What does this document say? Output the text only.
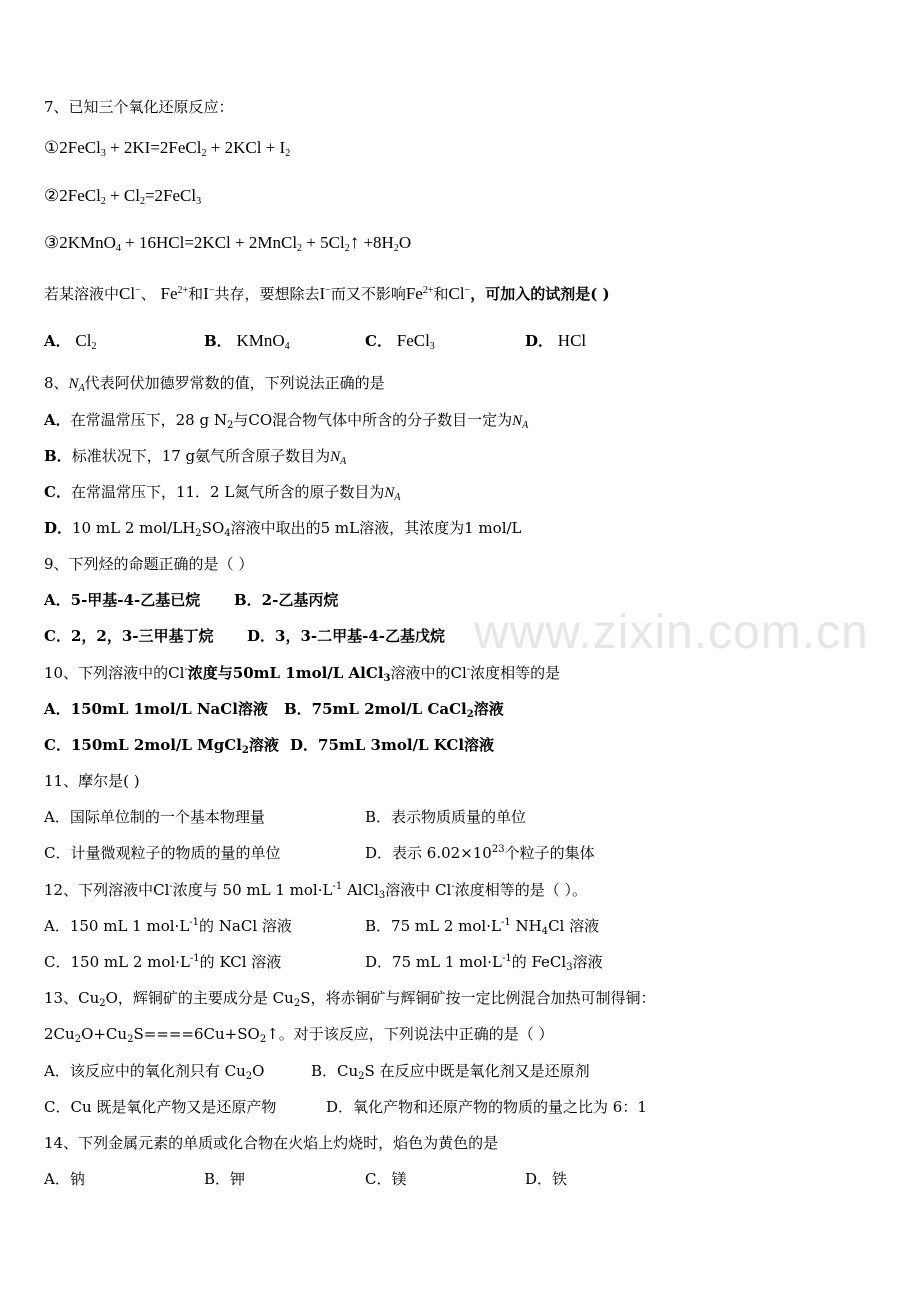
www.zixin.com.cn
7、已知三个氧化还原反应：
①2FeCl$_3$ + 2KI=2FeCl$_2$ + $2KCl + I_2$
②2FeCl$_2$ + $Cl_2=2FeCl_3$
③2KMnO$_4$ + 16HCl=2KCl + 2MnCl$_2$ + $5Cl_2↑ +8H_2O$
若某溶液中Cl−、 $Fe^{2+}$和I−共存，要想除去I−而又不影响$Fe^{2+}$和Cl−，可加入的试剂是( )
A． $Cl_2$	B． KMnO$_4$	C． FeCl$_3$	D． HCl
8、$N_A$代表阿伏加德罗常数的值，下列说法正确的是
A．在常温常压下，28 g $N_2$与CO混合物气体中所含的分子数目一定为$N_A$
B．标准状况下，17 g氨气所含原子数目为$N_A$
C．在常温常压下，11．2 L氮气所含的原子数目为$N_A$
D．10 mL 2 mol/$LH_2SO_4$溶液中取出的5 mL溶液，其浓度为1 mol/L
9、下列烃的命题正确的是（ ）
A．5-甲基-4-乙基已烷 B．2-乙基丙烷
C．2，2，3-三甲基丁烷 D．3，3-二甲基-4-乙基戊烷
10、下列溶液中的Cl-浓度与50mL 1mol/L AlCl$_3$溶液中的Cl-浓度相等的是
A．150mL 1mol/L NaCl溶液 B．75mL 2mol/L CaCl$_2$溶液
C．150mL 2mol/L MgCl$_2$溶液 D．75mL 3mol/L KCl溶液
11、摩尔是( )
A．国际单位制的一个基本物理量	B．表示物质质量的单位
C．计量微观粒子的物质的量的单位	D．表示 $6.02\times 10^{23}$个粒子的集体
12、下列溶液中Cl-浓度与 50 mL 1 $mol\cdot L^{-1}$ AlCl$_3$溶液中 Cl-浓度相等的是（ ）。
A．150 mL 1 $mol\cdot L^{-1}$的 NaCl 溶液	B．75 mL 2 $mol\cdot L^{-1}$ $NH_4Cl$ 溶液
C．150 mL 2 $mol\cdot L^{-1}$的 KCl 溶液	D．75 mL 1 $mol\cdot L^{-1}$的 FeCl$_3$溶液
13、$Cu_2O$，辉铜矿的主要成分是 $Cu_2S$，将赤铜矿与辉铜矿按一定比例混合加热可制得铜：
$2Cu_2O+Cu_2S====6Cu+SO_2↑$。对于该反应，下列说法中正确的是（ ）
A．该反应中的氧化剂只有 $Cu_2O$	B．$Cu_2S$ 在反应中既是氧化剂又是还原剂
C．Cu 既是氧化产物又是还原产物	D．氧化产物和还原产物的物质的量之比为 6：1
14、下列金属元素的单质或化合物在火焰上灼烧时，焰色为黄色的是
A．钠	B．钾	C．镁	D．铁
